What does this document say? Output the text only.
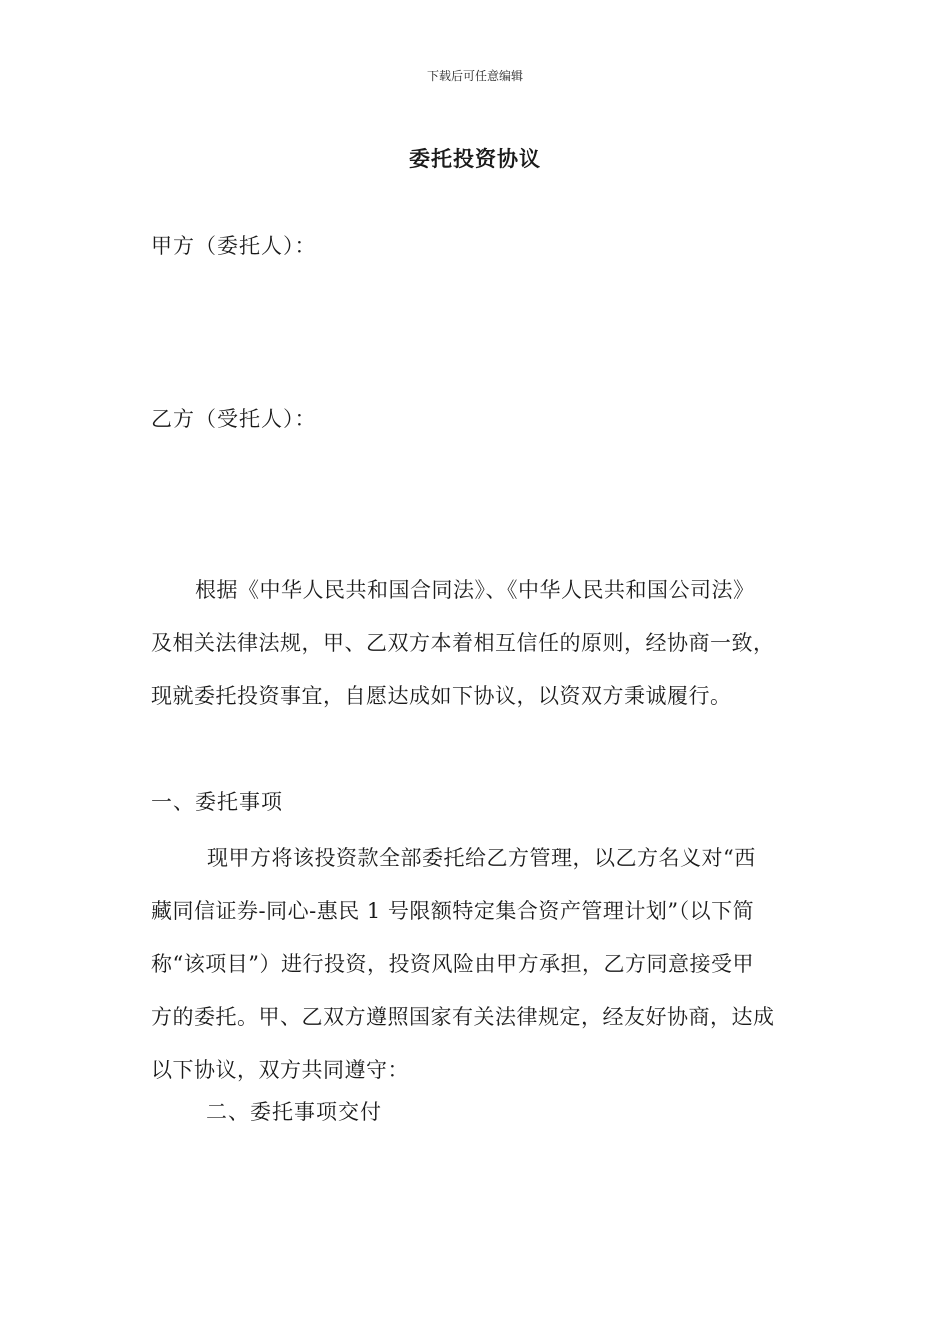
下载后可任意编辑
委托投资协议
甲方（委托人）：
乙方（受托人）：
根据《中华人民共和国合同法》、《中华人民共和国公司法》
及相关法律法规，甲、乙双方本着相互信任的原则，经协商一致，
现就委托投资事宜，自愿达成如下协议，以资双方秉诚履行。
一、委托事项
现甲方将该投资款全部委托给乙方管理，以乙方名义对“西
藏同信证券-同心-惠民 1 号限额特定集合资产管理计划”（以下简
称“该项目”）进行投资，投资风险由甲方承担，乙方同意接受甲
方的委托。甲、乙双方遵照国家有关法律规定，经友好协商，达成
以下协议，双方共同遵守：
二、委托事项交付
